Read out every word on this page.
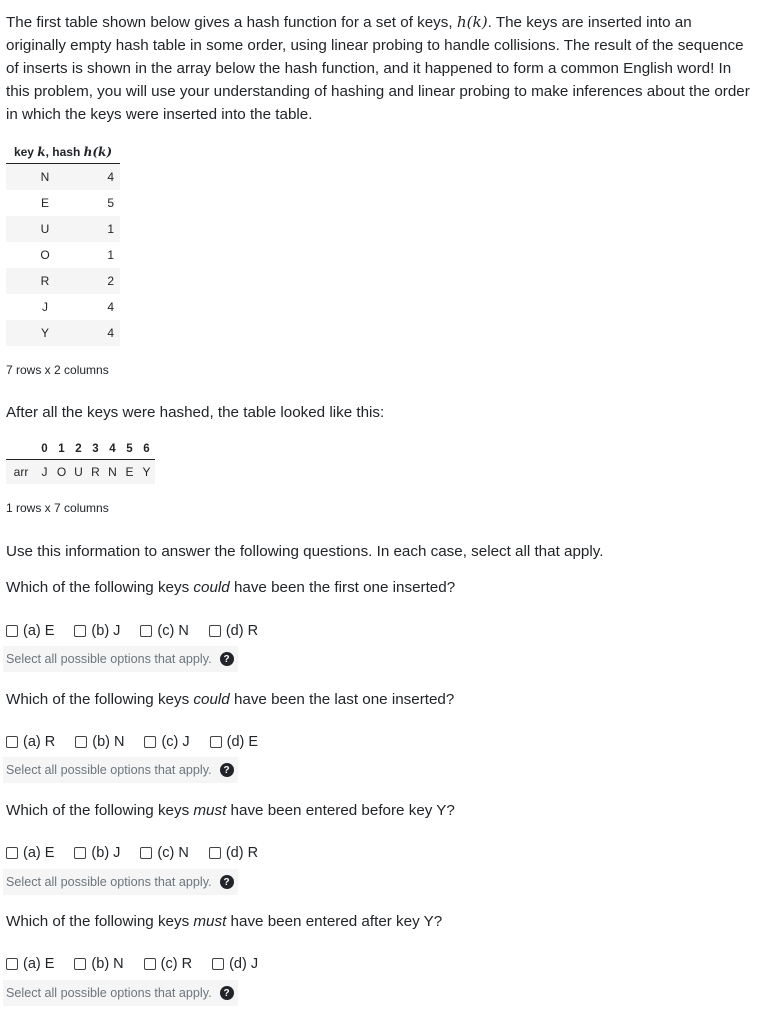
The first table shown below gives a hash function for a set of keys, h(k). The keys are inserted into an originally empty hash table in some order, using linear probing to handle collisions. The result of the sequence of inserts is shown in the array below the hash function, and it happened to form a common English word! In this problem, you will use your understanding of hashing and linear probing to make inferences about the order in which the keys were inserted into the table.
key k, hash h(k)	
N	4
E	5
U	1
O	1
R	2
J	4
Y	4
7 rows x 2 columns
After all the keys were hashed, the table looked like this:
	0	1	2	3	4	5	6
arr	J	O	U	R	N	E	Y
1 rows x 7 columns
Use this information to answer the following questions. In each case, select all that apply.
Which of the following keys could have been the first one inserted?
(a) E	(b) J	(c) N	(d) R
Select all possible options that apply.	?
Which of the following keys could have been the last one inserted?
(a) R	(b) N	(c) J	(d) E
Select all possible options that apply.	?
Which of the following keys must have been entered before key Y?
(a) E	(b) J	(c) N	(d) R
Select all possible options that apply.	?
Which of the following keys must have been entered after key Y?
(a) E	(b) N	(c) R	(d) J
Select all possible options that apply.	?
